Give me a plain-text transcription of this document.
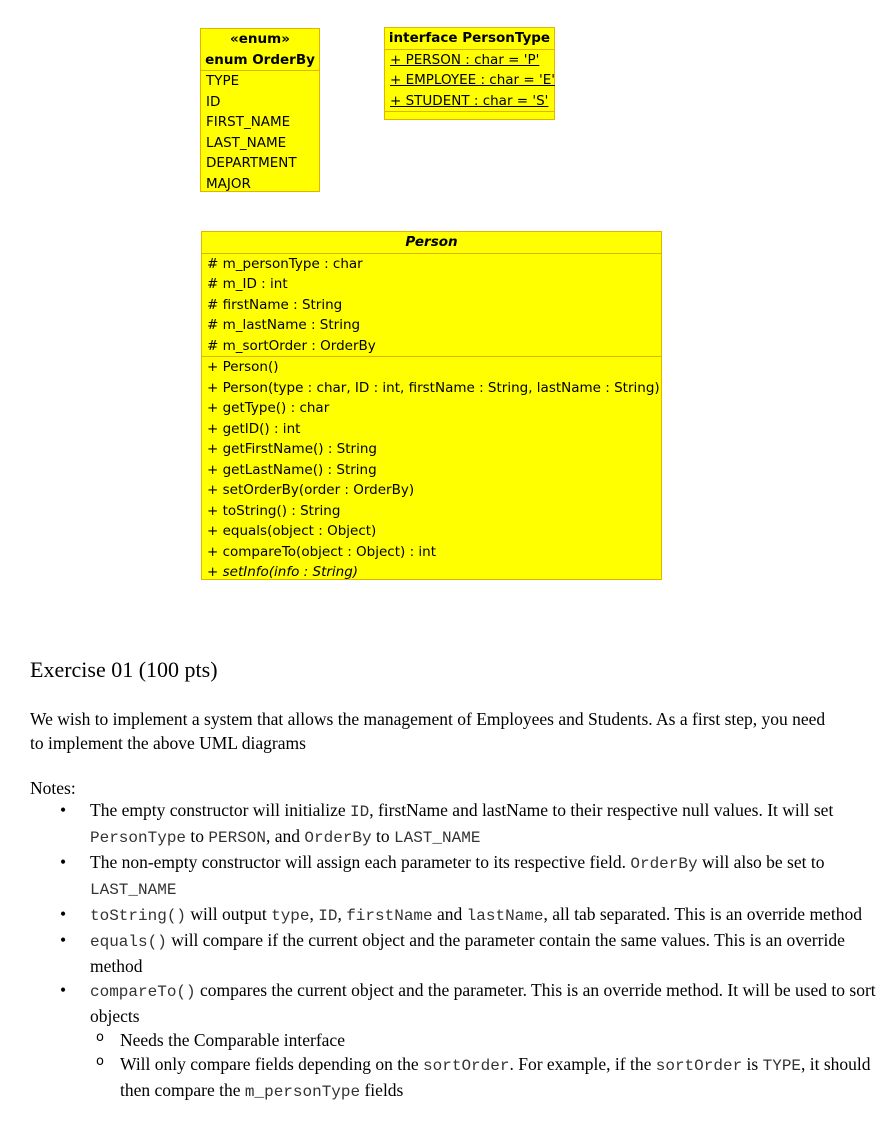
«enum»
enum OrderBy
TYPE
ID
FIRST_NAME
LAST_NAME
DEPARTMENT
MAJOR
interface PersonType
+ PERSON : char = 'P'
+ EMPLOYEE : char = 'E'
+ STUDENT : char = 'S'
Person
# m_personType : char
# m_ID : int
# firstName : String
# m_lastName : String
# m_sortOrder : OrderBy
+ Person()
+ Person(type : char, ID : int, firstName : String, lastName : String)
+ getType() : char
+ getID() : int
+ getFirstName() : String
+ getLastName() : String
+ setOrderBy(order : OrderBy)
+ toString() : String
+ equals(object : Object)
+ compareTo(object : Object) : int
+ setInfo(info : String)
Exercise 01 (100 pts)
We wish to implement a system that allows the management of Employees and Students. As a first step, you need to implement the above UML diagrams
Notes:
• The empty constructor will initialize ID, firstName and lastName to their respective null values. It will set PersonType to PERSON, and OrderBy to LAST_NAME
• The non-empty constructor will assign each parameter to its respective field. OrderBy will also be set to LAST_NAME
• toString() will output type, ID, firstName and lastName, all tab separated. This is an override method
• equals() will compare if the current object and the parameter contain the same values. This is an override method
• compareTo() compares the current object and the parameter. This is an override method. It will be used to sort objects
o Needs the Comparable interface
o Will only compare fields depending on the sortOrder. For example, if the sortOrder is TYPE, it should then compare the m_personType fields
